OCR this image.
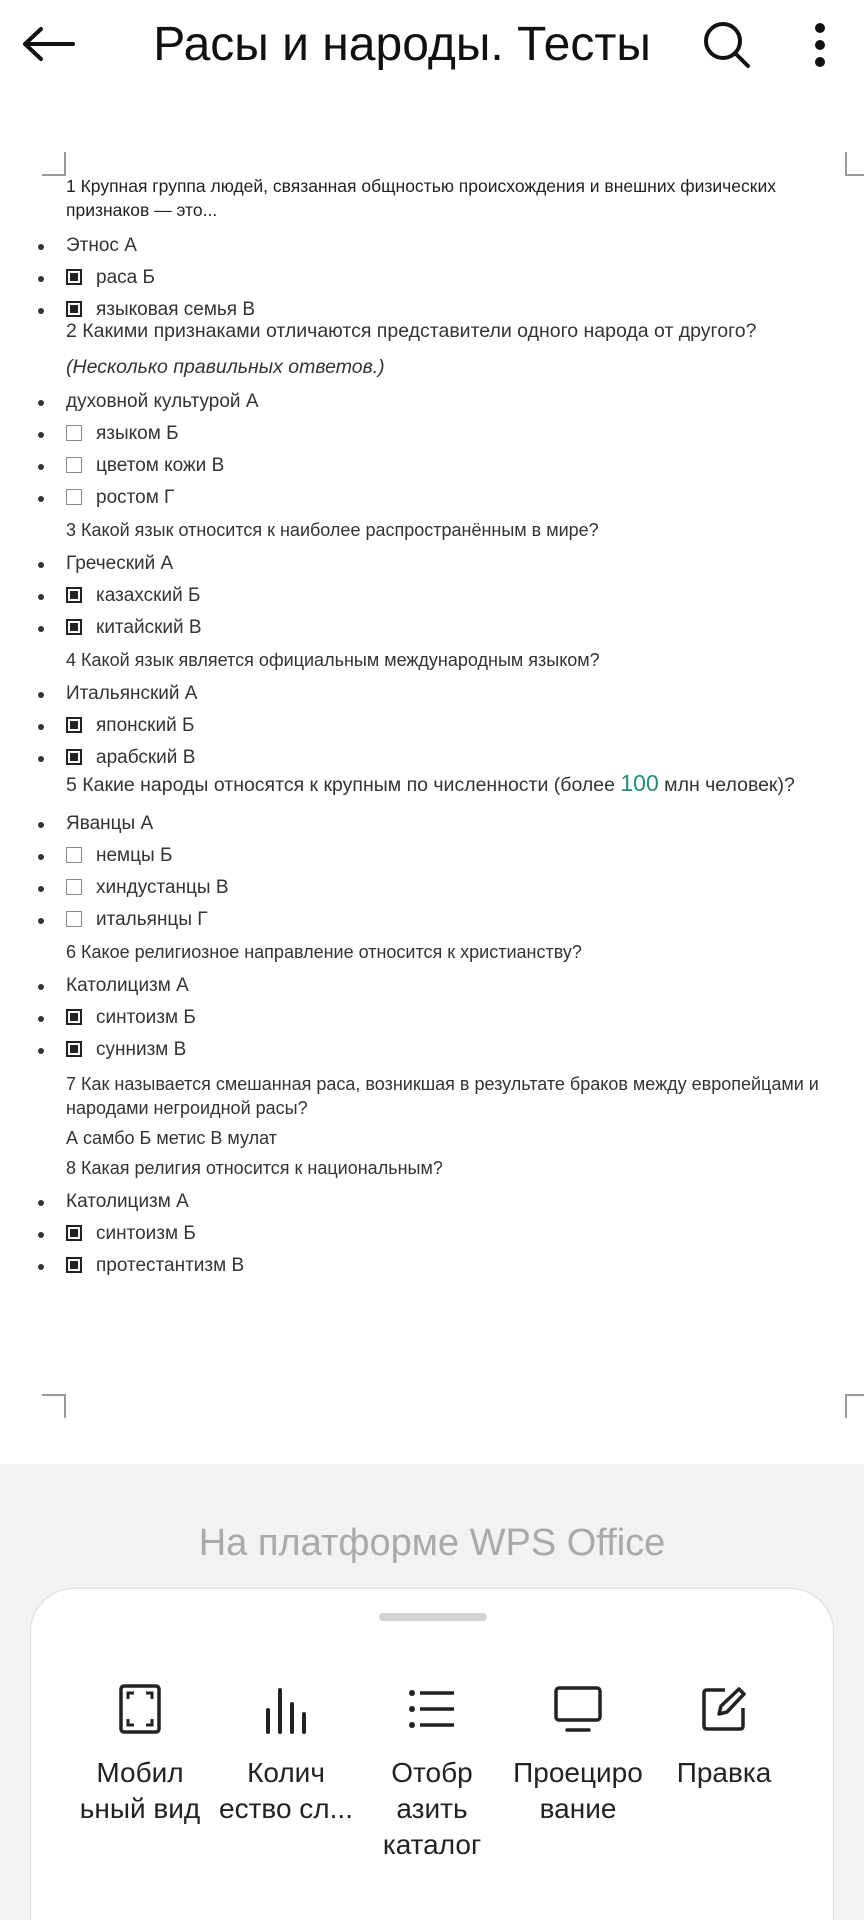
Расы и народы. Тесты
1 Крупная группа людей, связанная общностью происхождения и внешних физических признаков — это...
Этнос А
раса Б
языковая семья В
2 Какими признаками отличаются представители одного народа от другого?
(Несколько правильных ответов.)
духовной культурой А
языком Б
цветом кожи В
ростом Г
3 Какой язык относится к наиболее распространённым в мире?
Греческий А
казахский Б
китайский В
4 Какой язык является официальным международным языком?
Итальянский А
японский Б
арабский В
5 Какие народы относятся к крупным по численности (более 100 млн человек)?
Яванцы А
немцы Б
хиндустанцы В
итальянцы Г
6 Какое религиозное направление относится к христианству?
Католицизм А
синтоизм Б
суннизм В
7 Как называется смешанная раса, возникшая в результате браков между европейцами и народами негроидной расы?
А самбо Б метис В мулат
8 Какая религия относится к национальным?
Католицизм А
синтоизм Б
протестантизм В
На платформе WPS Office
Мобил
ьный вид
Колич
ество сл...
Отобр
азить
каталог
Проециро
вание
Правка
